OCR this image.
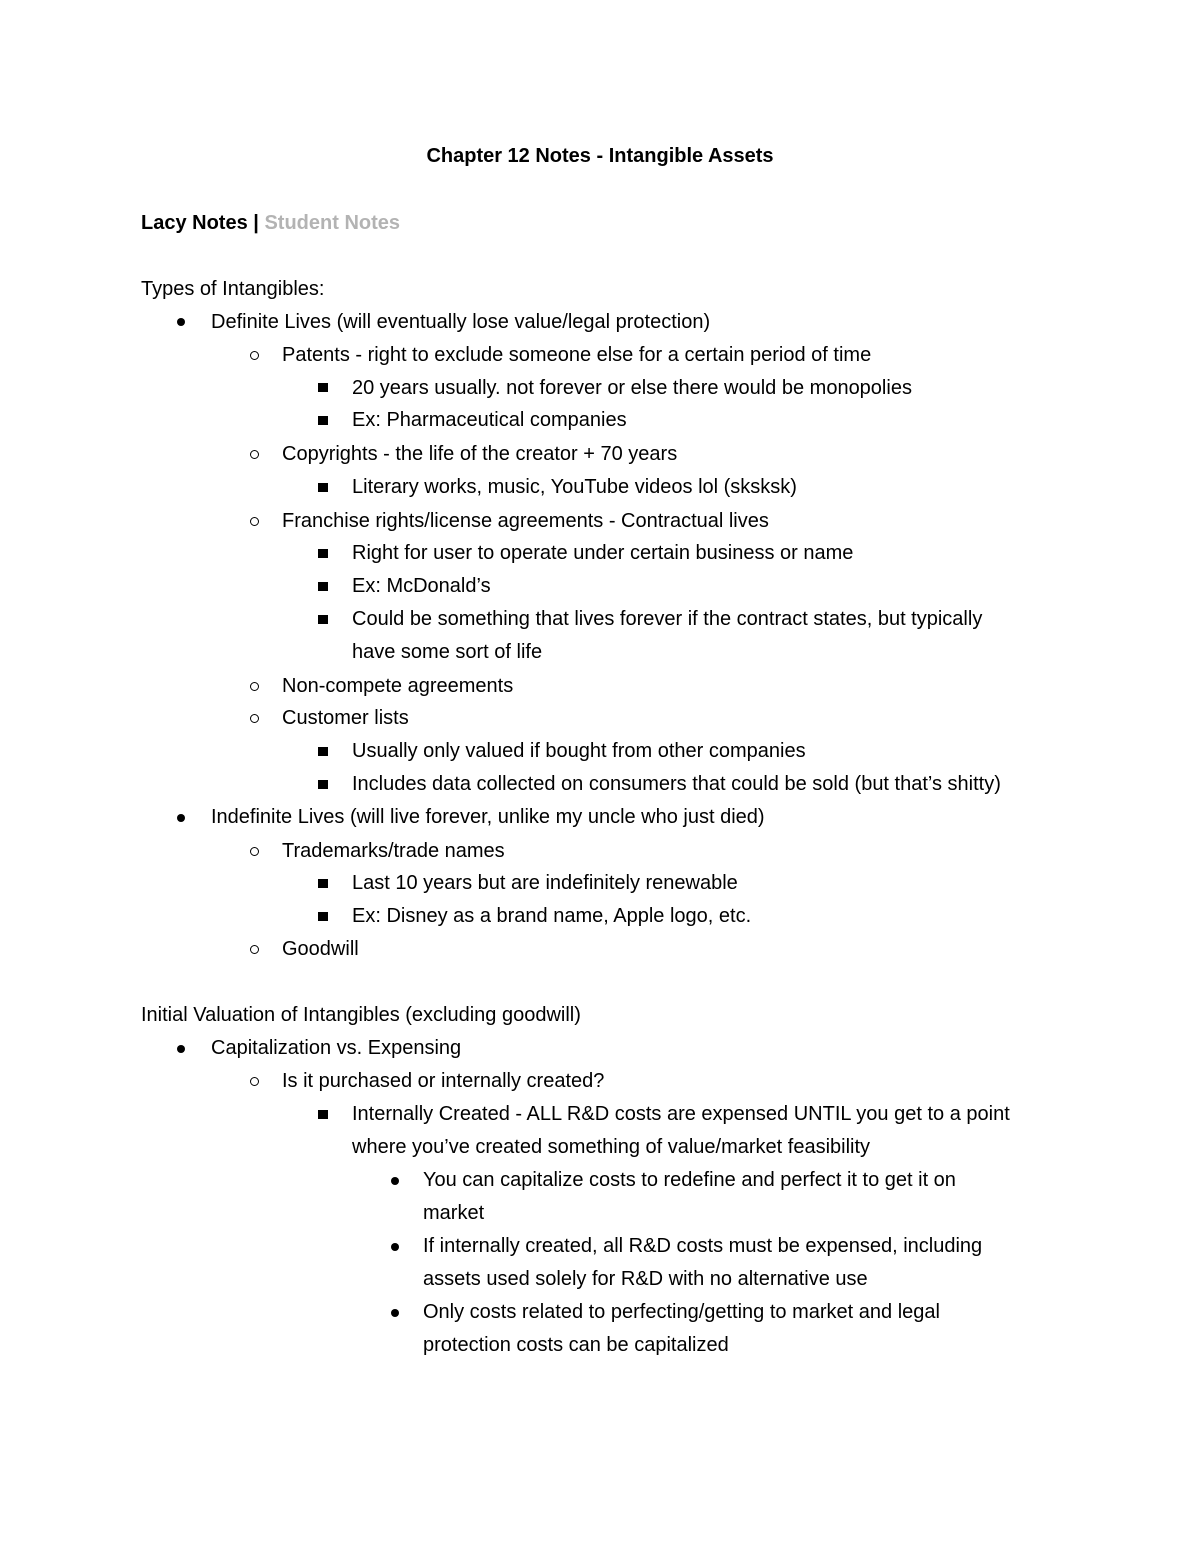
Chapter 12 Notes - Intangible Assets
Lacy Notes | Student Notes
Types of Intangibles:
Definite Lives (will eventually lose value/legal protection)
Patents - right to exclude someone else for a certain period of time
20 years usually. not forever or else there would be monopolies
Ex: Pharmaceutical companies
Copyrights - the life of the creator + 70 years
Literary works, music, YouTube videos lol (sksksk)
Franchise rights/license agreements - Contractual lives
Right for user to operate under certain business or name
Ex: McDonald’s
Could be something that lives forever if the contract states, but typically
have some sort of life
Non-compete agreements
Customer lists
Usually only valued if bought from other companies
Includes data collected on consumers that could be sold (but that’s shitty)
Indefinite Lives (will live forever, unlike my uncle who just died)
Trademarks/trade names
Last 10 years but are indefinitely renewable
Ex: Disney as a brand name, Apple logo, etc.
Goodwill
Initial Valuation of Intangibles (excluding goodwill)
Capitalization vs. Expensing
Is it purchased or internally created?
Internally Created - ALL R&D costs are expensed UNTIL you get to a point
where you’ve created something of value/market feasibility
You can capitalize costs to redefine and perfect it to get it on
market
If internally created, all R&D costs must be expensed, including
assets used solely for R&D with no alternative use
Only costs related to perfecting/getting to market and legal
protection costs can be capitalized
